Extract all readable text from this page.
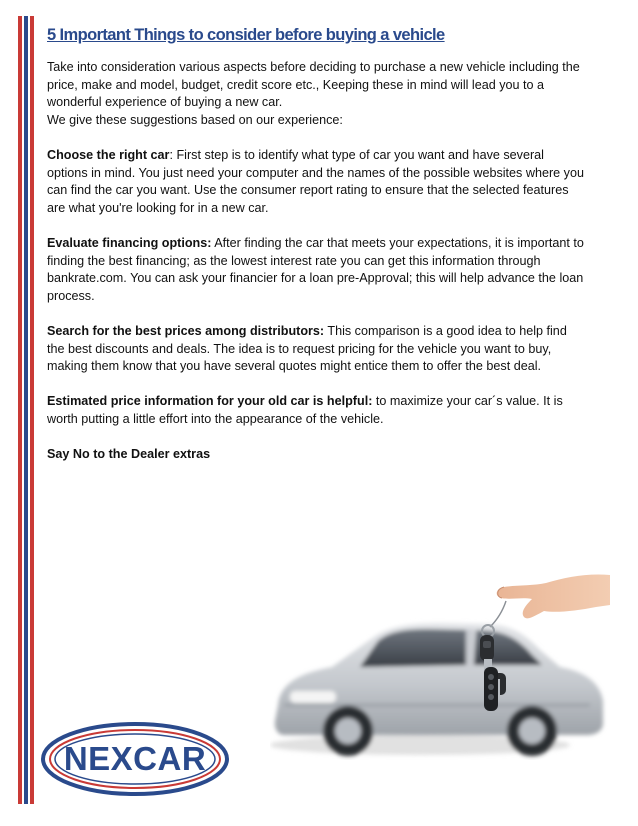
5 Important Things to consider before buying a vehicle

Take into consideration various aspects before deciding to purchase a new vehicle including the price, make and model, budget, credit score etc., Keeping these in mind will lead you to a wonderful experience of buying a new car.

We give these suggestions based on our experience:

Choose the right car: First step is to identify what type of car you want and have several options in mind. You just need your computer and the names of the possible websites where you can find the car you want. Use the consumer report rating to ensure that the selected features are what you're looking for in a new car.

Evaluate financing options: After finding the car that meets your expectations, it is important to finding the best financing; as the lowest interest rate you can get this information through bankrate.com. You can ask your financier for a loan pre-Approval; this will help advance the loan process.

Search for the best prices among distributors: This comparison is a good idea to help find the best discounts and deals. The idea is to request pricing for the vehicle you want to buy, making them know that you have several quotes might entice them to offer the best deal.

Estimated price information for your old car is helpful: to maximize your car´s value. It is worth putting a little effort into the appearance of the vehicle.

Say No to the Dealer extras

NEXCAR
